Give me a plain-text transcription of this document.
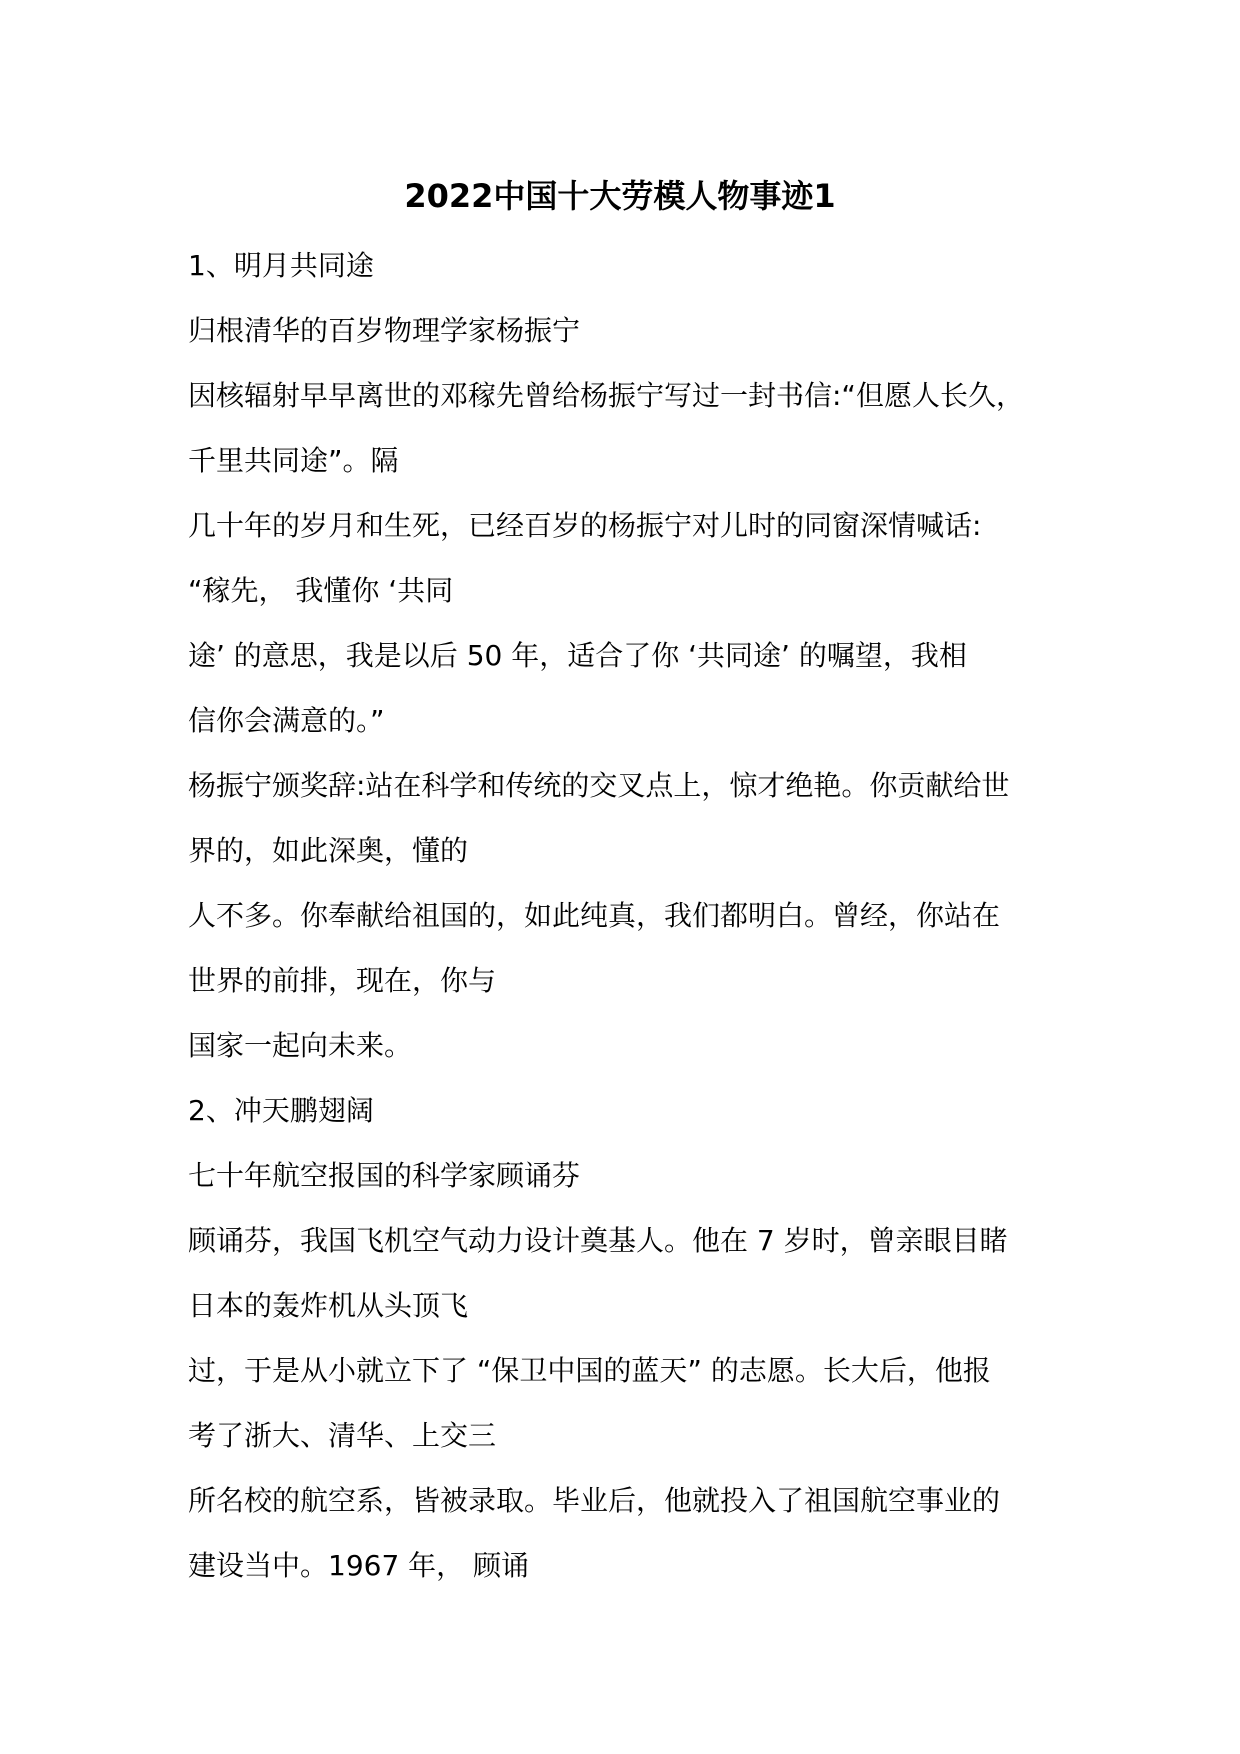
2022中国十大劳模人物事迹1
1、明月共同途
归根清华的百岁物理学家杨振宁
因核辐射早早离世的邓稼先曾给杨振宁写过一封书信:“但愿人长久，
千里共同途”。隔
几十年的岁月和生死，已经百岁的杨振宁对儿时的同窗深情喊话:
“稼先， 我懂你 ‘共同
途’ 的意思，我是以后 50 年，适合了你 ‘共同途’ 的嘱望，我相
信你会满意的。”
杨振宁颁奖辞:站在科学和传统的交叉点上，惊才绝艳。你贡献给世
界的，如此深奥，懂的
人不多。你奉献给祖国的，如此纯真，我们都明白。曾经，你站在
世界的前排，现在，你与
国家一起向未来。
2、冲天鹏翅阔
七十年航空报国的科学家顾诵芬
顾诵芬，我国飞机空气动力设计奠基人。他在 7 岁时，曾亲眼目睹
日本的轰炸机从头顶飞
过，于是从小就立下了 “保卫中国的蓝天” 的志愿。长大后，他报
考了浙大、清华、上交三
所名校的航空系，皆被录取。毕业后，他就投入了祖国航空事业的
建设当中。1967 年， 顾诵
